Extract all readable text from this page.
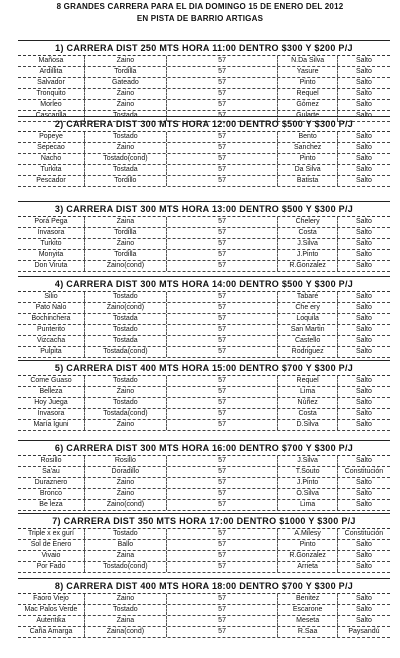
8 GRANDES CARRERA PARA EL DIA DOMINGO 15 DE ENERO DEL 2012
EN PISTA DE BARRIO ARTIGAS
1) CARRERA DIST 250 MTS HORA 11:00 DENTRO $300 Y $200 P/J
Mañosa	Zaino	57	N.Da Silva	Salto
Ardillita	Tordilla	57	Yasure	Salto
Salvador	Gateado	57	Pinto	Salto
Tronquito	Zaino	57	Requel	Salto
Morleo	Zaino	57	Gómez	Salto
Cascarilla	Tostada	57	Gularte	Salto
2) CARRERA DIST 300 MTS HORA 12:00 DENTRO $500 Y $300 P/J
Popeye	Tostado	57	Bento	Salto
Sepecao	Zaino	57	Sanchez	Salto
Nacho	Tostado(cond)	57	Pinto	Salto
Turkita	Tostada	57	Da Silva	Salto
Pescador	Tordillo	57	Batista	Salto
3) CARRERA DIST 300 MTS HORA 13:00 DENTRO $500 Y $300 P/J
Porá Pega	Zaina	57	Chelery	Salto
Invasora	Tordilla	57	Costa	Salto
Turkito	Zaino	57	J.Silva	Salto
Monyita	Tordilla	57	J.Pinto	Salto
Don Viruta	Zaino(cond)	57	R.Gonzalez	Salto
4) CARRERA DIST 300 MTS HORA 14:00 DENTRO $500 Y $300 P/J
Silio	Tostado	57	Tabaré	Salto
Pato Nalo	Zaino(cond)	57	Che ery	Salto
Bochinchera	Tostada	57	Loquila	Salto
Punterito	Tostado	57	San Martin	Salto
Vizcacha	Tostada	57	Castello	Salto
Pulpita	Tostada(cond)	57	Rodriguez	Salto
5) CARRERA DIST 400 MTS HORA 15:00 DENTRO $700 Y $300 P/J
Come Guaso	Tostado	57	Requel	Salto
Belleza	Zaino	57	Lima	Salto
Hoy Juega	Tostado	57	Núñez	Salto
Invasora	Tostada(cond)	57	Costa	Salto
María Iguni	Zaino	57	D.Silva	Salto
6) CARRERA DIST 300 MTS HORA 16:00 DENTRO $700 Y $300 P/J
Rosillo	Rosillo	57	J.Silva	Salto
Sa'au	Doradillo	57	T.Souto	Constitución
Duraznero	Zaino	57	J.Pinto	Salto
Bronco	Zaino	57	O.Silva	Salto
Be leza	Zaino(cond)	57	Lima	Salto
7) CARRERA DIST 350 MTS HORA 17:00 DENTRO $1000 Y $300 P/J
Triple x ex gurí	Tostado	57	A.Milesy	Constitución
Sol de Enero	Ballo	57	Pinto	Salto
Vivaio	Zaina	57	R.Gonzalez	Salto
Por Fado	Tostado(cond)	57	Arrieta	Salto
8) CARRERA DIST 400 MTS HORA 18:00 DENTRO $700 Y $300 P/J
Faoro Viejo	Zaino	57	Benitez	Salto
Mac Palos Verde	Tostado	57	Escarone	Salto
Autentika	Zaina	57	Meseta	Salto
Caña Amarga	Zaina(cond)	57	R.Saa	Paysandú
